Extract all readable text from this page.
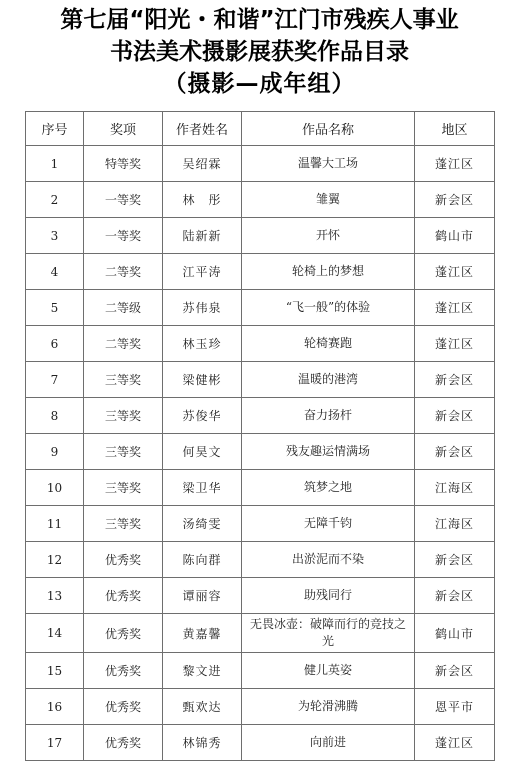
第七届“阳光・和谐”江门市残疾人事业
书法美术摄影展获奖作品目录
（摄影—成年组）
序号	奖项	作者姓名	作品名称	地区
1	特等奖	吴绍霖	温馨大工场	蓬江区
2	一等奖	林　彤	雏翼	新会区
3	一等奖	陆新新	开怀	鹤山市
4	二等奖	江平涛	轮椅上的梦想	蓬江区
5	二等级	苏伟泉	“飞一般”的体验	蓬江区
6	二等奖	林玉珍	轮椅赛跑	蓬江区
7	三等奖	梁健彬	温暖的港湾	新会区
8	三等奖	苏俊华	奋力扬杆	新会区
9	三等奖	何昊文	残友趣运情满场	新会区
10	三等奖	梁卫华	筑梦之地	江海区
11	三等奖	汤绮雯	无障千钧	江海区
12	优秀奖	陈向群	出淤泥而不染	新会区
13	优秀奖	谭丽容	助残同行	新会区
14	优秀奖	黄嘉馨	无畏冰壶：破障而行的竞技之光	鹤山市
15	优秀奖	黎文进	健儿英姿	新会区
16	优秀奖	甄欢达	为轮滑沸腾	恩平市
17	优秀奖	林锦秀	向前进	蓬江区
